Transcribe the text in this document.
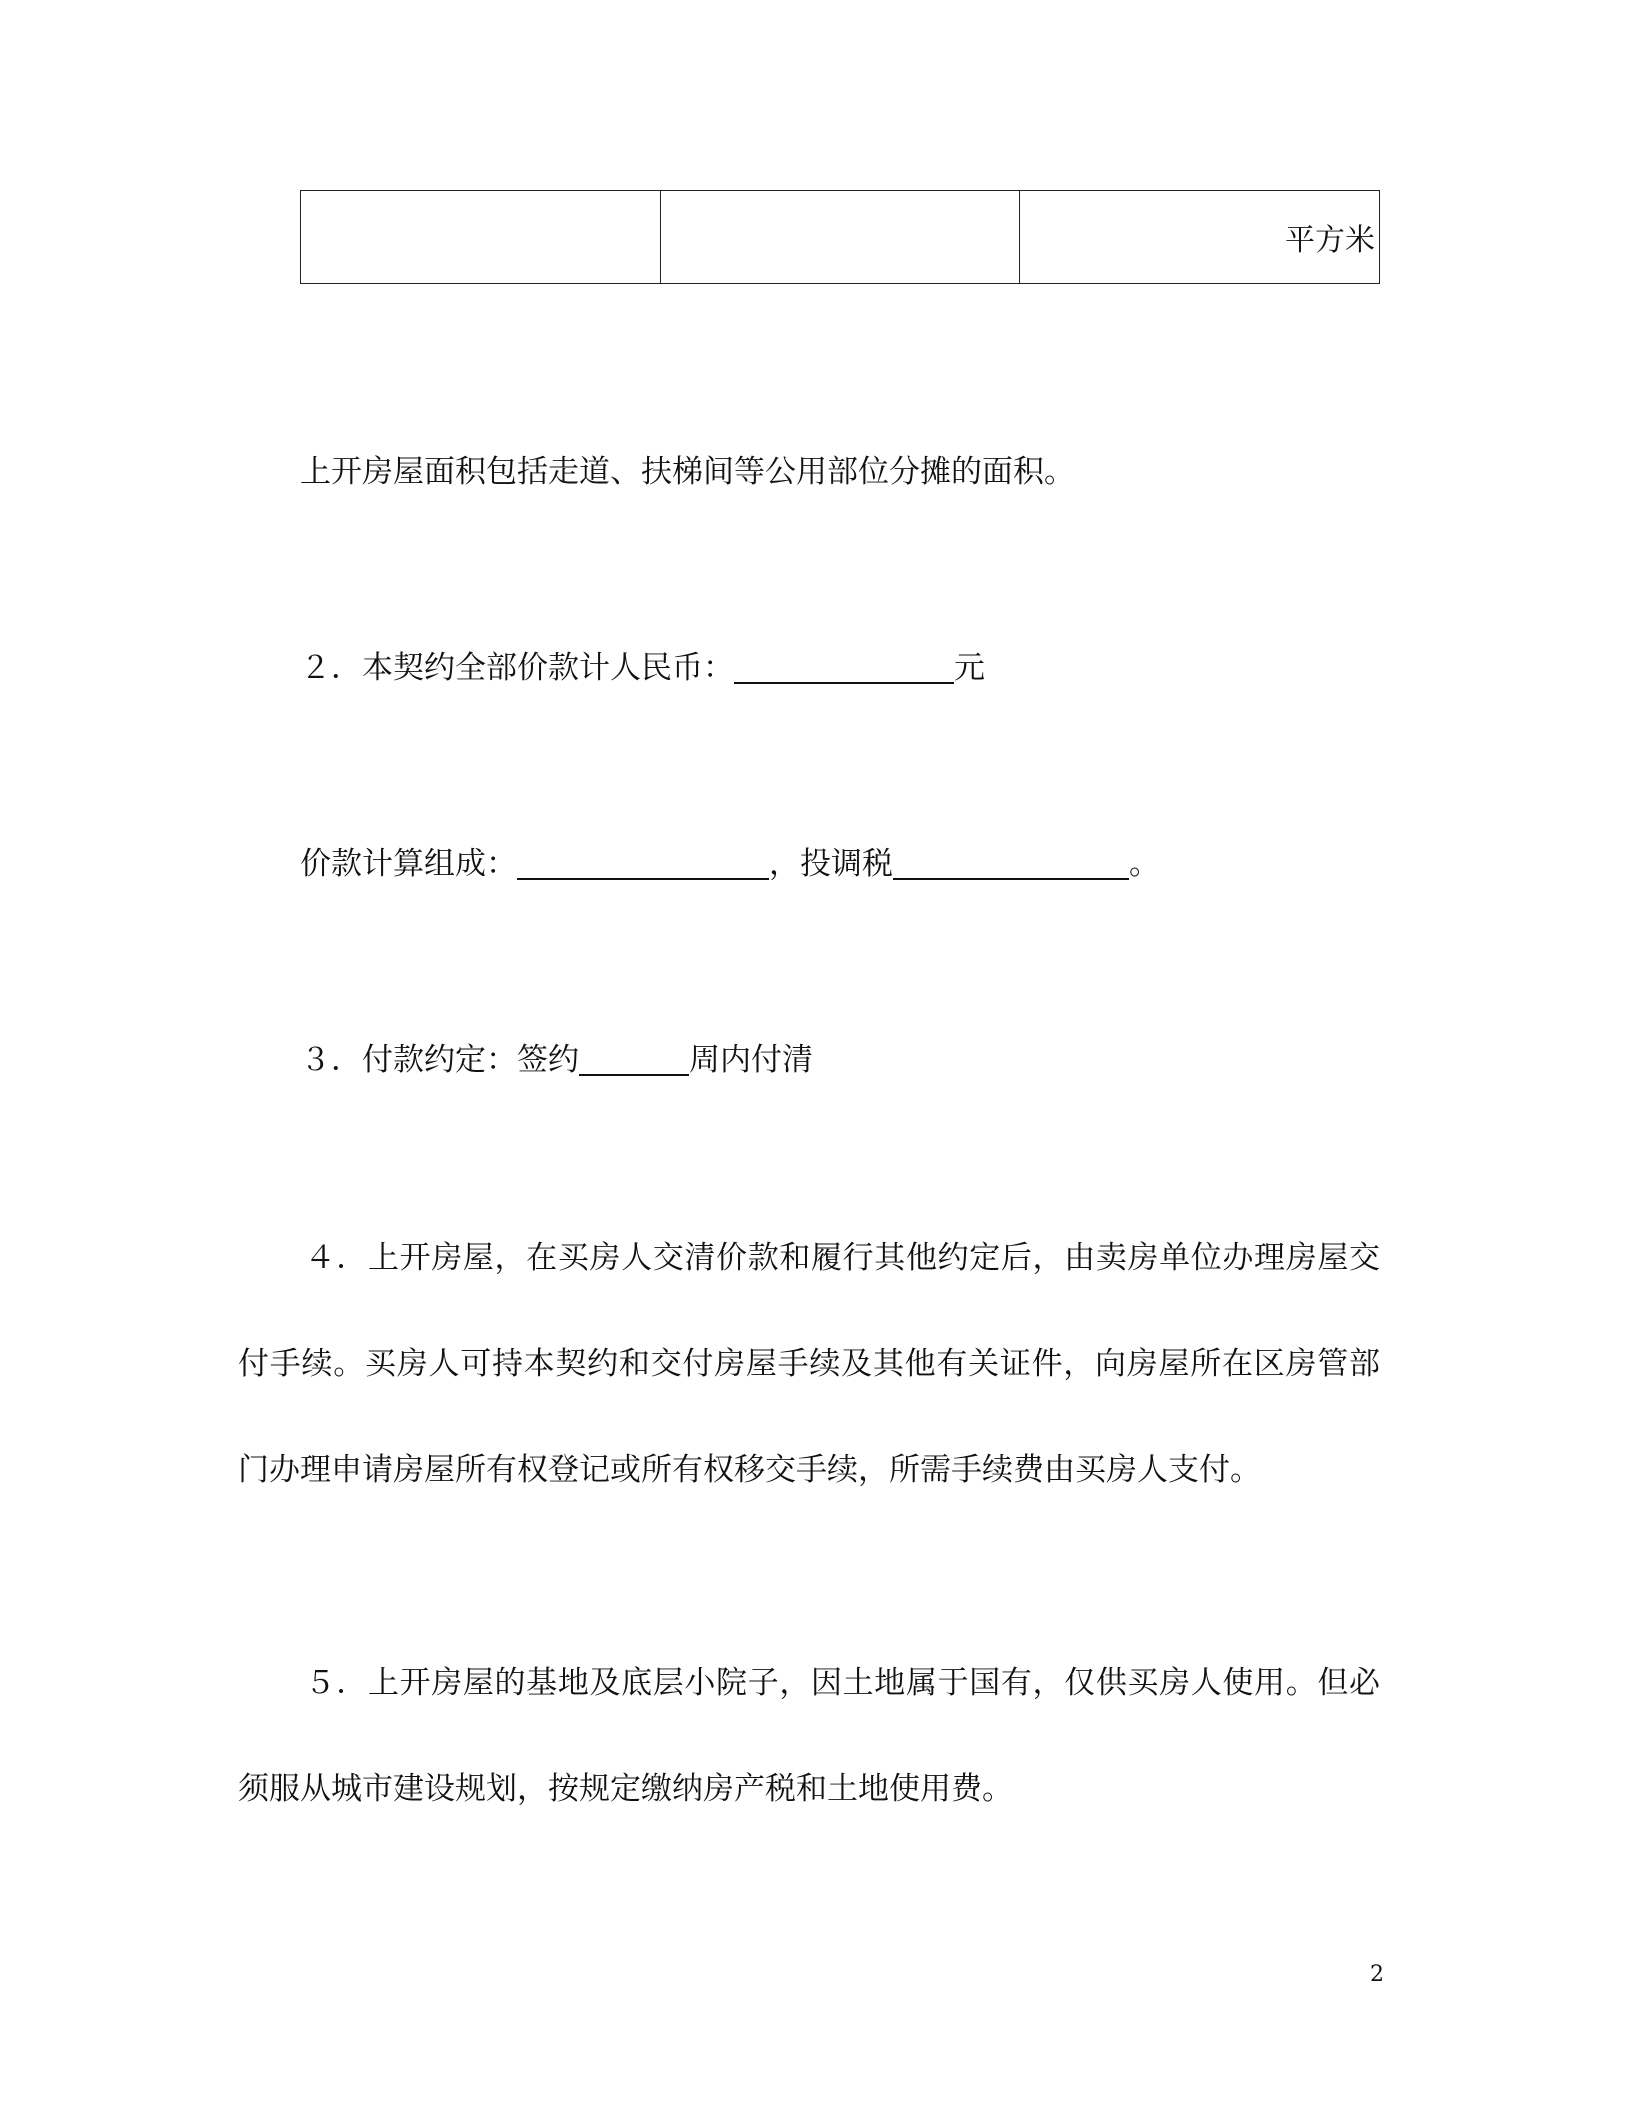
		平方米
上开房屋面积包括走道、扶梯间等公用部位分摊的面积。
２．本契约全部价款计人民币：	元
价款计算组成：	，投调税	。
３．付款约定：签约	周内付清
４．上开房屋，在买房人交清价款和履行其他约定后，由卖房单位办理房屋交付手续。买房人可持本契约和交付房屋手续及其他有关证件，向房屋所在区房管部门办理申请房屋所有权登记或所有权移交手续，所需手续费由买房人支付。
５．上开房屋的基地及底层小院子，因土地属于国有，仅供买房人使用。但必须服从城市建设规划，按规定缴纳房产税和土地使用费。
2
